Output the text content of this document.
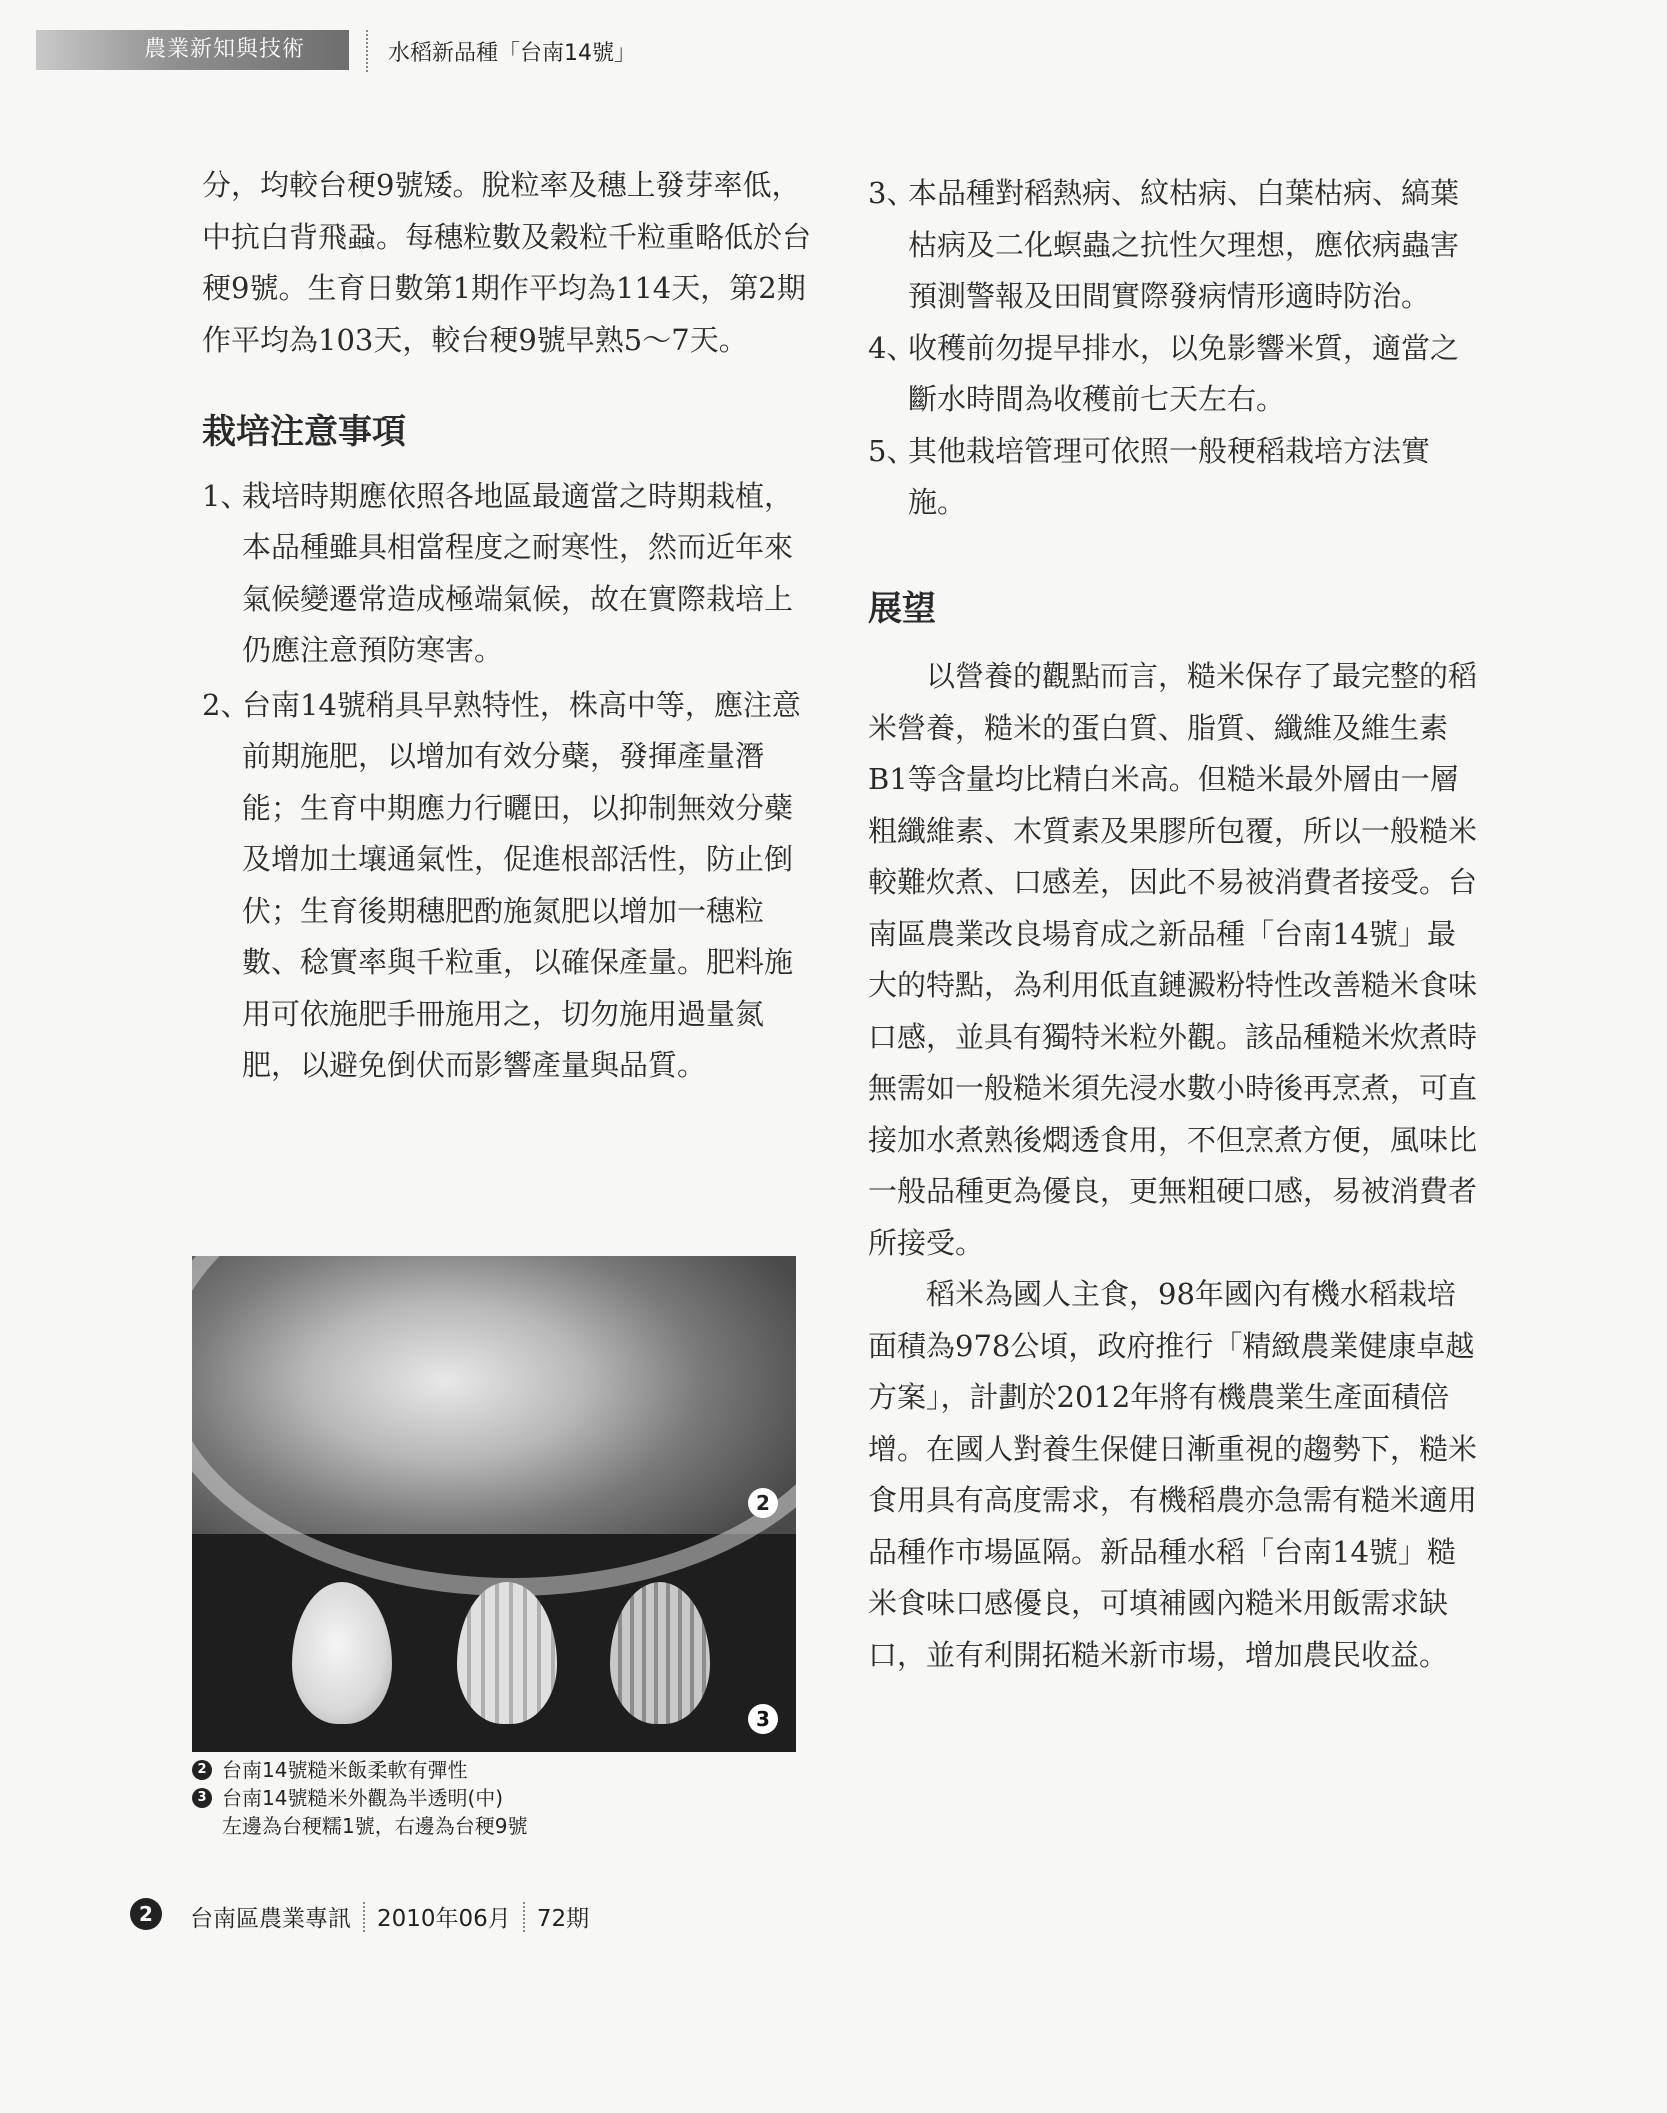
農業新知與技術	水稻新品種「台南14號」

分，均較台稉9號矮。脫粒率及穗上發芽率低，中抗白背飛蝨。每穗粒數及穀粒千粒重略低於台稉9號。生育日數第1期作平均為114天，第2期作平均為103天，較台稉9號早熟5～7天。

栽培注意事項
1、
栽培時期應依照各地區最適當之時期栽植，本品種雖具相當程度之耐寒性，然而近年來氣候變遷常造成極端氣候，故在實際栽培上仍應注意預防寒害。
2、
台南14號稍具早熟特性，株高中等，應注意前期施肥，以增加有效分蘗，發揮產量潛能；生育中期應力行曬田，以抑制無效分蘗及增加土壤通氣性，促進根部活性，防止倒伏；生育後期穗肥酌施氮肥以增加一穗粒數、稔實率與千粒重，以確保產量。肥料施用可依施肥手冊施用之，切勿施用過量氮肥，以避免倒伏而影響產量與品質。
2
3
2 台南14號糙米飯柔軟有彈性
3 台南14號糙米外觀為半透明(中)
左邊為台稉糯1號，右邊為台稉9號
3、
本品種對稻熱病、紋枯病、白葉枯病、縞葉枯病及二化螟蟲之抗性欠理想，應依病蟲害預測警報及田間實際發病情形適時防治。
4、
收穫前勿提早排水，以免影響米質，適當之斷水時間為收穫前七天左右。
5、
其他栽培管理可依照一般稉稻栽培方法實施。
展望

以營養的觀點而言，糙米保存了最完整的稻米營養，糙米的蛋白質、脂質、纖維及維生素B1等含量均比精白米高。但糙米最外層由一層粗纖維素、木質素及果膠所包覆，所以一般糙米較難炊煮、口感差，因此不易被消費者接受。台南區農業改良場育成之新品種「台南14號」最大的特點，為利用低直鏈澱粉特性改善糙米食味口感，並具有獨特米粒外觀。該品種糙米炊煮時無需如一般糙米須先浸水數小時後再烹煮，可直接加水煮熟後燜透食用，不但烹煮方便，風味比一般品種更為優良，更無粗硬口感，易被消費者所接受。

稻米為國人主食，98年國內有機水稻栽培面積為978公頃，政府推行「精緻農業健康卓越方案」，計劃於2012年將有機農業生產面積倍增。在國人對養生保健日漸重視的趨勢下，糙米食用具有高度需求，有機稻農亦急需有糙米適用品種作市場區隔。新品種水稻「台南14號」糙米食味口感優良，可填補國內糙米用飯需求缺口，並有利開拓糙米新市場，增加農民收益。

2	台南區農業專訊 2010年06月 72期
